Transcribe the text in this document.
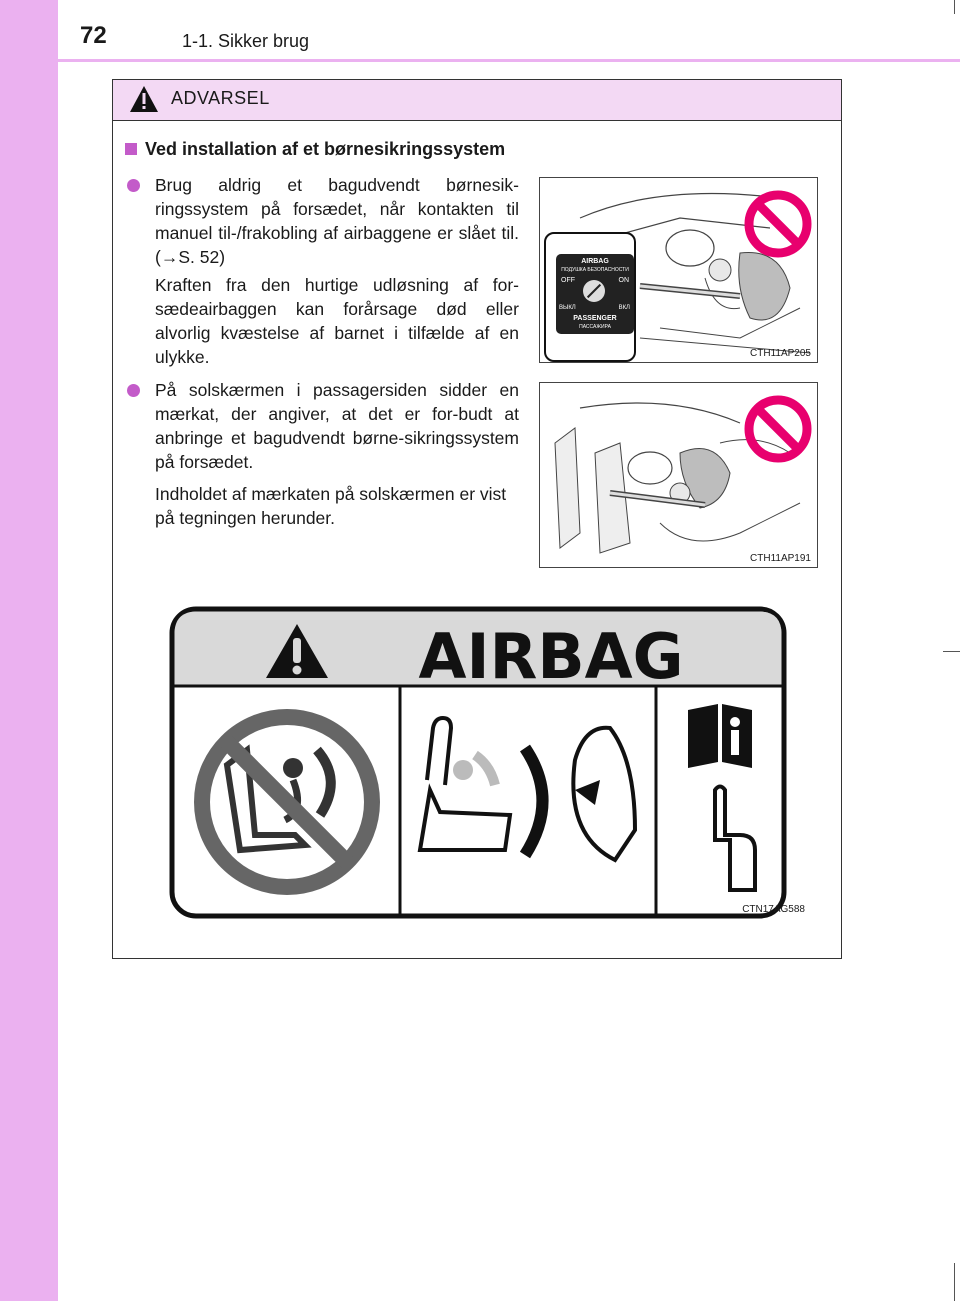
72	1-1. Sikker brug
ADVARSEL
Ved installation af et børnesikringssystem

Brug aldrig et bagudvendt børnesik-ringssystem på forsædet, når kontakten til manuel til-/frakobling af airbaggene er slået til. (→S. 52)

Kraften fra den hurtige udløsning af for-sædeairbaggen kan forårsage død eller alvorlig kvæstelse af barnet i tilfælde af en ulykke.

På solskærmen i passagersiden sidder en mærkat, der angiver, at det er for-budt at anbringe et bagudvendt børne-sikringssystem på forsædet.

Indholdet af mærkaten på solskærmen er vist på tegningen herunder.

AIRBAG
ПОДУШКА БЕЗОПАСНОСТИ
OFF	ON
ВЫКЛ	ВКЛ
PASSENGER
ПАССАЖИРА
CTH11AP205
CTH11AP191
AIRBAG
CTN17AG588
